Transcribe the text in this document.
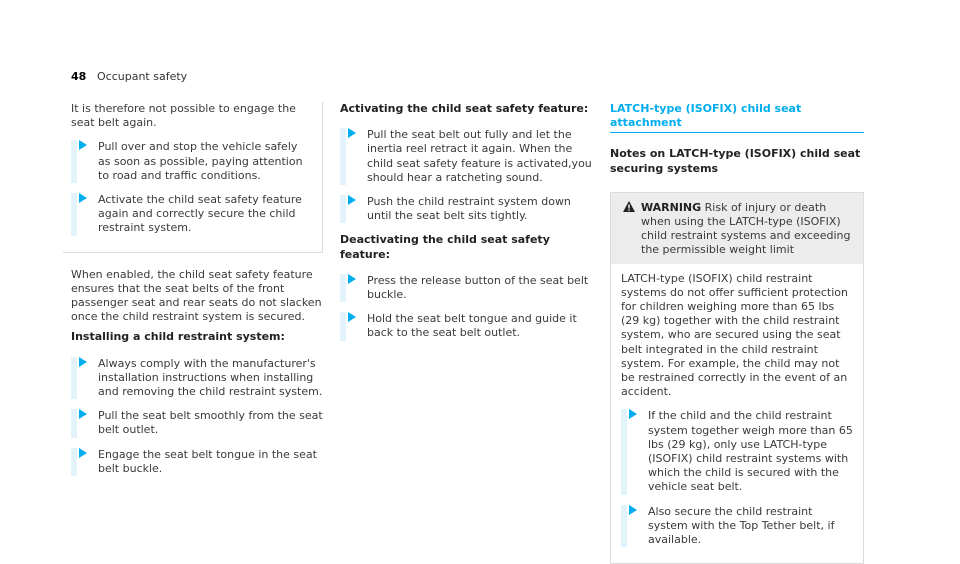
48 Occupant safety

It is therefore not possible to engage the seat belt again.

Pull over and stop the vehicle safely as soon as possible, paying attention to road and traffic conditions.
Activate the child seat safety feature again and correctly secure the child restraint system.

When enabled, the child seat safety feature ensures that the seat belts of the front passenger seat and rear seats do not slacken once the child restraint system is secured.

Installing a child restraint system:

Always comply with the manufacturer's installation instructions when installing and removing the child restraint system.
Pull the seat belt smoothly from the seat belt outlet.
Engage the seat belt tongue in the seat belt buckle.

Activating the child seat safety feature:

Pull the seat belt out fully and let the inertia reel retract it again. When the child seat safety feature is activated,you should hear a ratcheting sound.
Push the child restraint system down until the seat belt sits tightly.

Deactivating the child seat safety feature:

Press the release button of the seat belt buckle.
Hold the seat belt tongue and guide it back to the seat belt outlet.
LATCH-type (ISOFIX) child seat attachment

Notes on LATCH-type (ISOFIX) child seat securing systems

WARNING Risk of injury or death when using the LATCH-type (ISOFIX) child restraint systems and exceeding the permissible weight limit

LATCH-type (ISOFIX) child restraint systems do not offer sufficient protection for children weighing more than 65 lbs (29 kg) together with the child restraint system, who are secured using the seat belt integrated in the child restraint system. For example, the child may not be restrained correctly in the event of an accident.

If the child and the child restraint system together weigh more than 65 lbs (29 kg), only use LATCH-type (ISOFIX) child restraint systems with which the child is secured with the vehicle seat belt.
Also secure the child restraint system with the Top Tether belt, if available.
